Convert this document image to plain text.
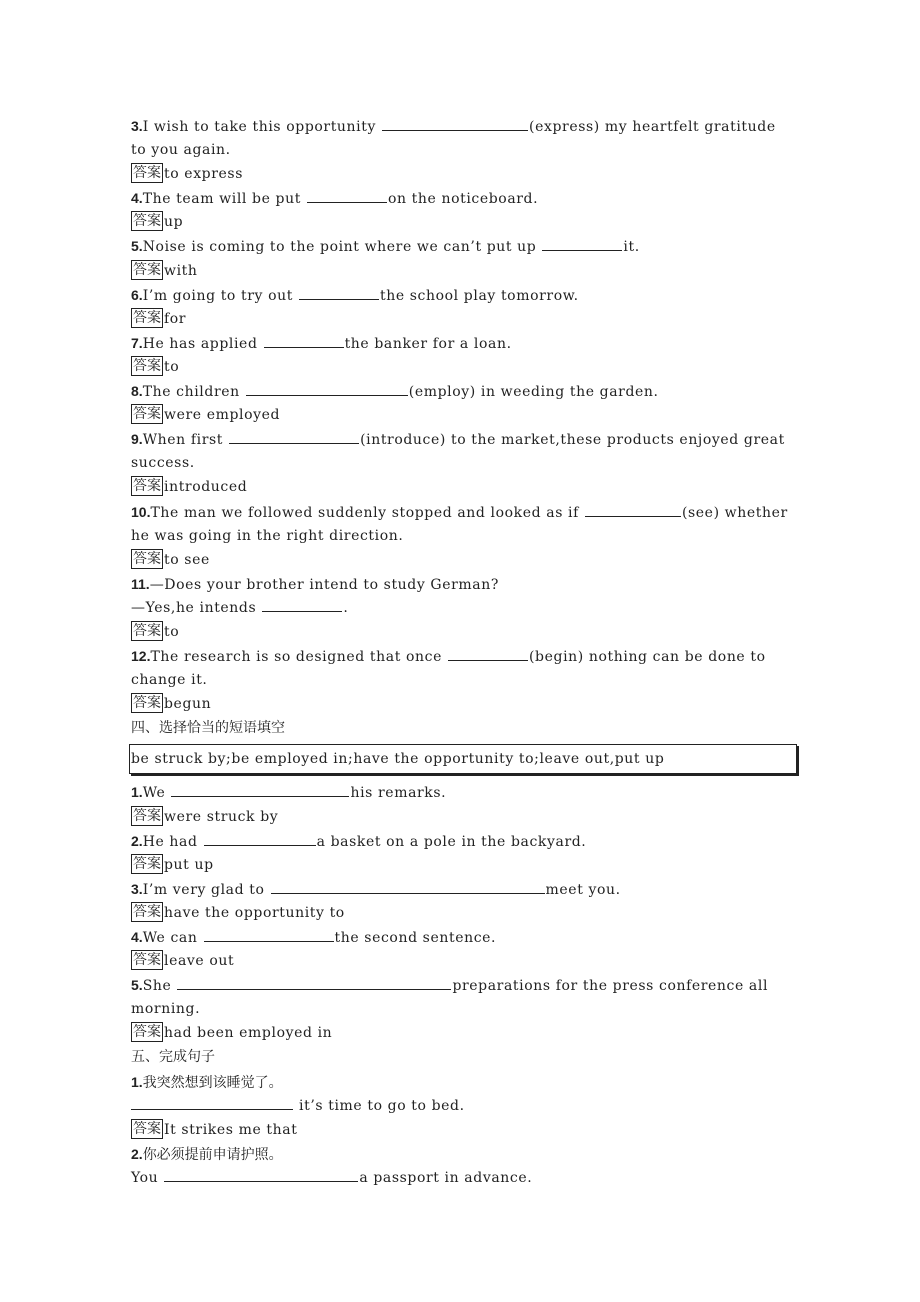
3.I wish to take this opportunity	(express) my heartfelt gratitude
to you again.
答案 to express
4.The team will be put	on the noticeboard.
答案 up
5.Noise is coming to the point where we can’t put up	it.
答案 with
6.I’m going to try out	the school play tomorrow.
答案 for
7.He has applied	the banker for a loan.
答案 to
8.The children	(employ) in weeding the garden.
答案 were employed
9.When first	(introduce) to the market,these products enjoyed great
success.
答案 introduced
10.The man we followed suddenly stopped and looked as if	(see) whether
he was going in the right direction.
答案 to see
11.—Does your brother intend to study German?
—Yes,he intends	.
答案 to
12.The research is so designed that once	(begin) nothing can be done to
change it.
答案 begun
四、选择恰当的短语填空
be struck by;be employed in;have the opportunity to;leave out,put up
1.We	his remarks.
答案 were struck by
2.He had	a basket on a pole in the backyard.
答案 put up
3.I’m very glad to	meet you.
答案 have the opportunity to
4.We can	the second sentence.
答案 leave out
5.She	preparations for the press conference all
morning.
答案 had been employed in
五、完成句子
1.我突然想到该睡觉了。
it’s time to go to bed.
答案 It strikes me that
2.你必须提前申请护照。
You	a passport in advance.
